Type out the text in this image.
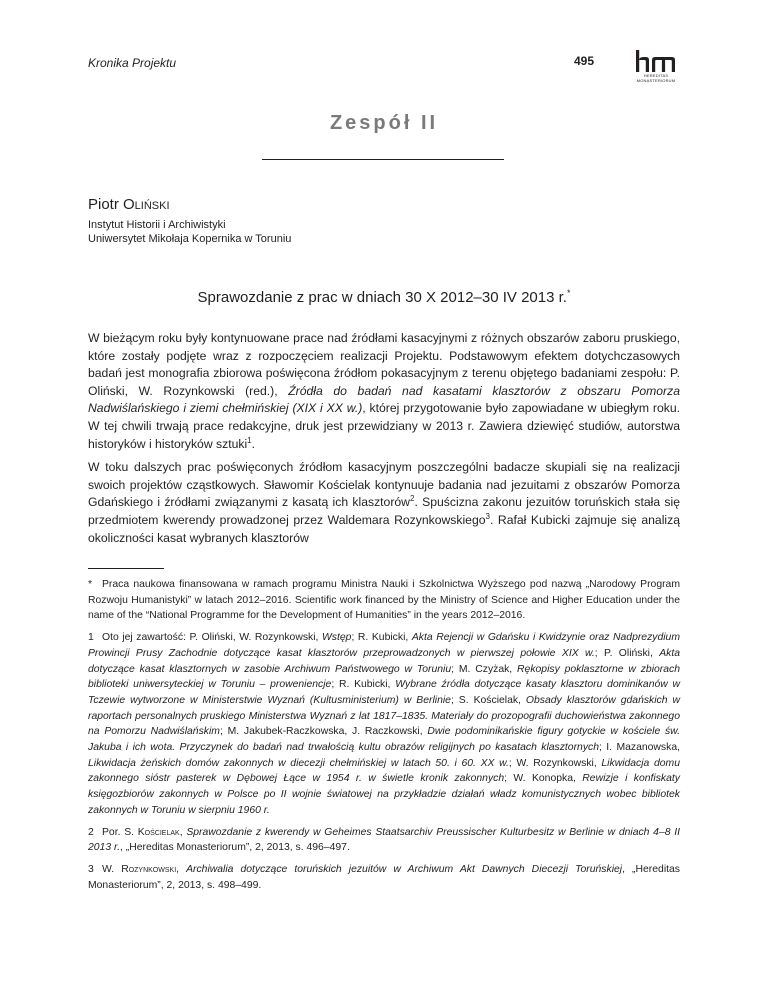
Kronika Projektu	495
HEREDITAS
MONASTERIORUM
Zespół II
Piotr Oliński
Instytut Historii i Archiwistyki
Uniwersytet Mikołaja Kopernika w Toruniu
Sprawozdanie z prac w dniach 30 X 2012–30 IV 2013 r.*

W bieżącym roku były kontynuowane prace nad źródłami kasacyjnymi z różnych obszarów zaboru pruskiego, które zostały podjęte wraz z rozpoczęciem realizacji Projektu. Podstawowym efektem dotychczasowych badań jest monografia zbiorowa poświęcona źródłom pokasacyjnym z terenu objętego badaniami zespołu: P. Oliński, W. Rozynkowski (red.), Źródła do badań nad kasatami klasztorów z obszaru Pomorza Nadwiślańskiego i ziemi chełmińskiej (XIX i XX w.), której przygotowanie było zapowiadane w ubiegłym roku. W tej chwili trwają prace redakcyjne, druk jest przewidziany w 2013 r. Zawiera dziewięć studiów, autorstwa historyków i historyków sztuki$^1$.

W toku dalszych prac poświęconych źródłom kasacyjnym poszczególni badacze skupiali się na realizacji swoich projektów cząstkowych. Sławomir Kościelak kontynuuje badania nad jezuitami z obszarów Pomorza Gdańskiego i źródłami związanymi z kasatą ich klasztorów$^2$. Spuścizna zakonu jezuitów toruńskich stała się przedmiotem kwerendy prowadzonej przez Waldemara Rozynkowskiego$^3$. Rafał Kubicki zajmuje się analizą okoliczności kasat wybranych klasztorów

* Praca naukowa finansowana w ramach programu Ministra Nauki i Szkolnictwa Wyższego pod nazwą „Narodowy Program Rozwoju Humanistyki” w latach 2012–2016. Scientific work financed by the Ministry of Science and Higher Education under the name of the “National Programme for the Development of Humanities” in the years 2012–2016.

1 Oto jej zawartość: P. Oliński, W. Rozynkowski, Wstęp; R. Kubicki, Akta Rejencji w Gdańsku i Kwidzynie oraz Nadprezydium Prowincji Prusy Zachodnie dotyczące kasat klasztorów przeprowadzonych w pierwszej połowie XIX w.; P. Oliński, Akta dotyczące kasat klasztornych w zasobie Archiwum Państwowego w Toruniu; M. Czyżak, Rękopisy poklasztorne w zbiorach biblioteki uniwersyteckiej w Toruniu – proweniencje; R. Kubicki, Wybrane źródła dotyczące kasaty klasztoru dominikanów w Tczewie wytworzone w Ministerstwie Wyznań (Kultusministerium) w Berlinie; S. Kościelak, Obsady klasztorów gdańskich w raportach personalnych pruskiego Ministerstwa Wyznań z lat 1817–1835. Materiały do prozopografii duchowieństwa zakonnego na Pomorzu Nadwiślańskim; M. Jakubek-Raczkowska, J. Raczkowski, Dwie podominikańskie figury gotyckie w kościele św. Jakuba i ich wota. Przyczynek do badań nad trwałością kultu obrazów religijnych po kasatach klasztornych; I. Mazanowska, Likwidacja żeńskich domów zakonnych w diecezji chełmińskiej w latach 50. i 60. XX w.; W. Rozynkowski, Likwidacja domu zakonnego sióstr pasterek w Dębowej Łące w 1954 r. w świetle kronik zakonnych; W. Konopka, Rewizje i konfiskaty księgozbiorów zakonnych w Polsce po II wojnie światowej na przykładzie działań władz komunistycznych wobec bibliotek zakonnych w Toruniu w sierpniu 1960 r.

2 Por. S. Kościelak, Sprawozdanie z kwerendy w Geheimes Staatsarchiv Preussischer Kulturbesitz w Berlinie w dniach 4–8 II 2013 r., „Hereditas Monasteriorum”, 2, 2013, s. 496–497.

3 W. Rozynkowski, Archiwalia dotyczące toruńskich jezuitów w Archiwum Akt Dawnych Diecezji Toruńskiej, „Hereditas Monasteriorum”, 2, 2013, s. 498–499.
